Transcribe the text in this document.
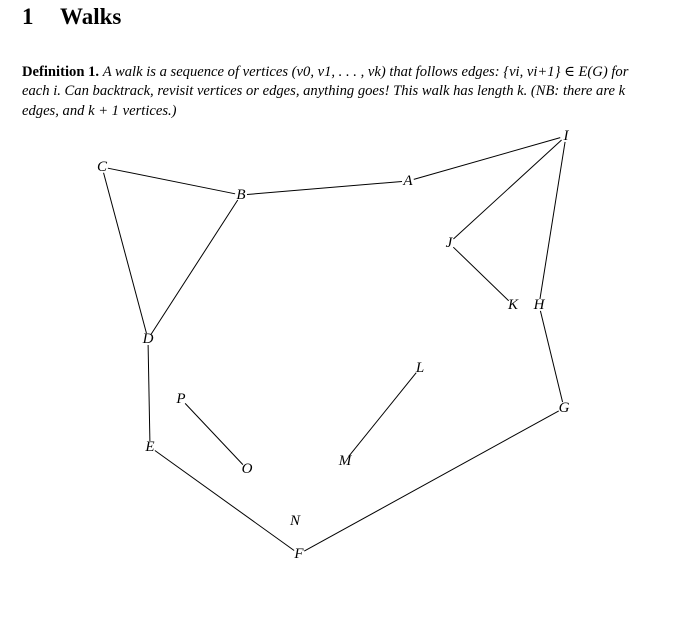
1 Walks

Definition 1. A walk is a sequence of vertices (v0, v1, . . . , vk) that follows edges: {vi, vi+1} ∈ E(G) for each i. Can backtrack, revisit vertices or edges, anything goes! This walk has length k. (NB: there are k edges, and k + 1 vertices.)

A
B
C
D
E
F
G
H
I
J
K
L
M
N
O
P
